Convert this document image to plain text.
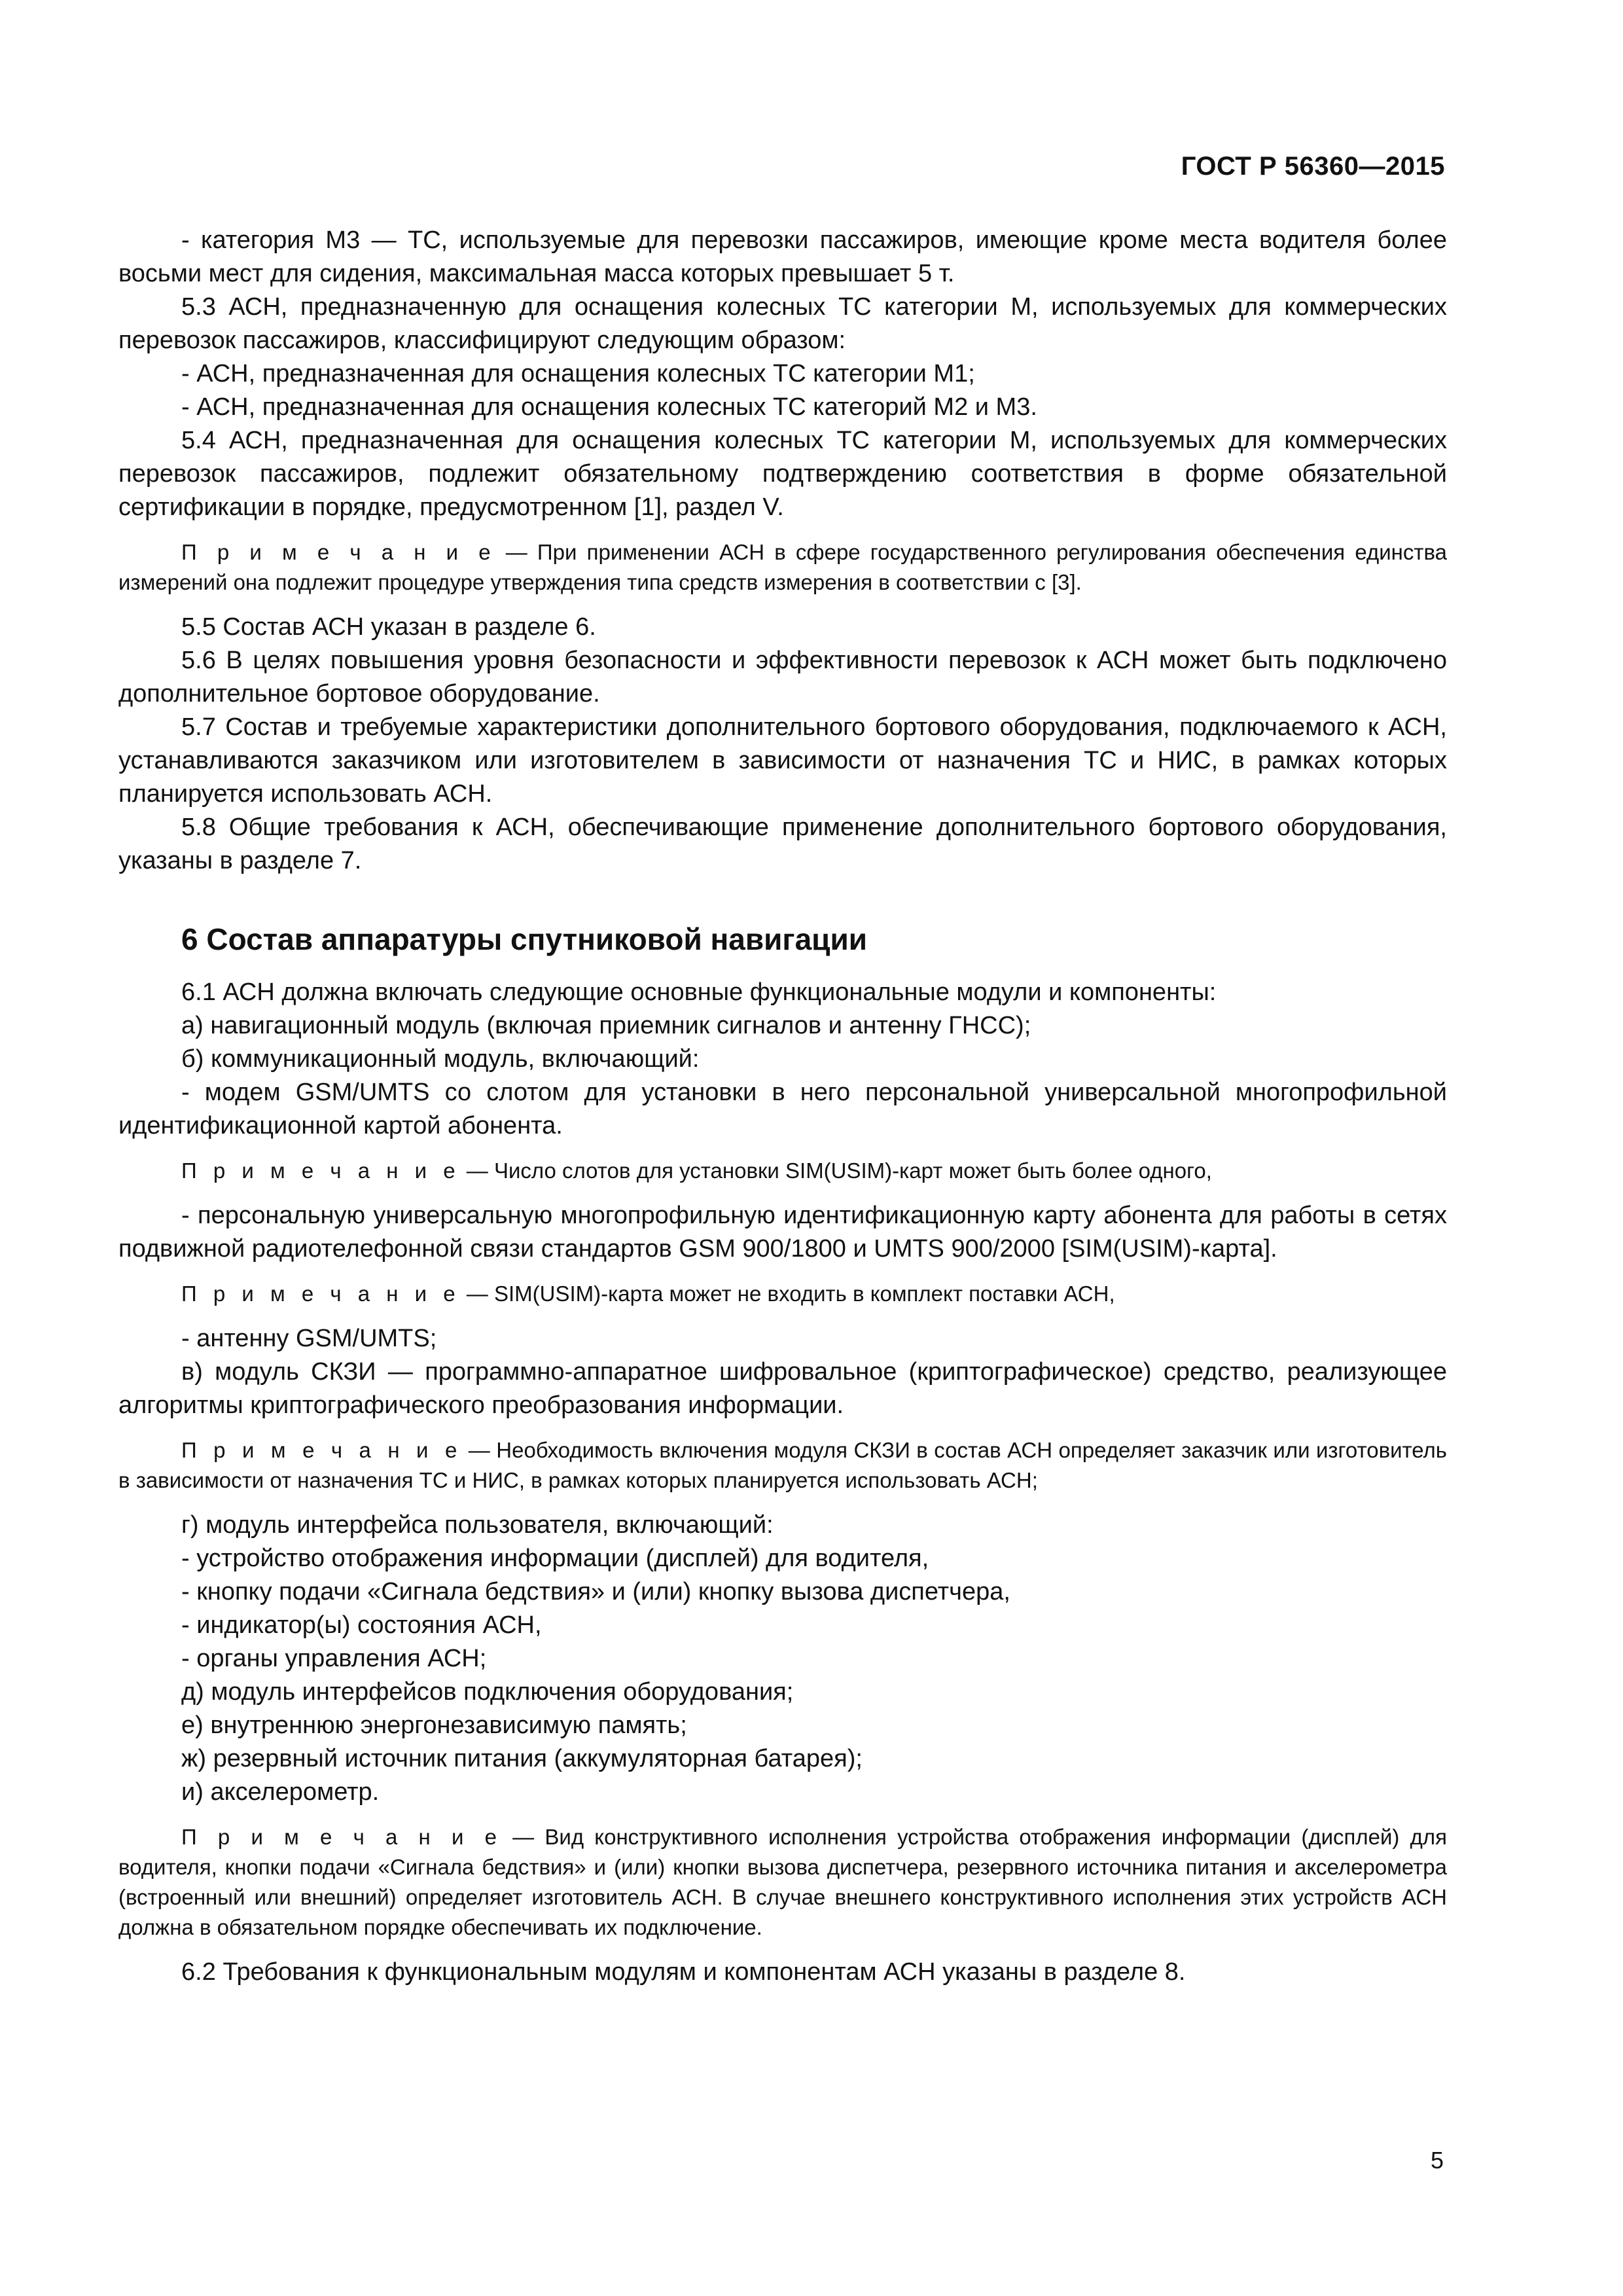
ГОСТ Р 56360—2015

- категория М3 — ТС, используемые для перевозки пассажиров, имеющие кроме места водителя более восьми мест для сидения, максимальная масса которых превышает 5 т.

5.3 АСН, предназначенную для оснащения колесных ТС категории М, используемых для коммерческих перевозок пассажиров, классифицируют следующим образом:

- АСН, предназначенная для оснащения колесных ТС категории М1;

- АСН, предназначенная для оснащения колесных ТС категорий М2 и М3.

5.4 АСН, предназначенная для оснащения колесных ТС категории М, используемых для коммерческих перевозок пассажиров, подлежит обязательному подтверждению соответствия в форме обязательной сертификации в порядке, предусмотренном [1], раздел V.

П р и м е ч а н и е — При применении АСН в сфере государственного регулирования обеспечения единства измерений она подлежит процедуре утверждения типа средств измерения в соответствии с [3].

5.5 Состав АСН указан в разделе 6.

5.6 В целях повышения уровня безопасности и эффективности перевозок к АСН может быть подключено дополнительное бортовое оборудование.

5.7 Состав и требуемые характеристики дополнительного бортового оборудования, подключаемого к АСН, устанавливаются заказчиком или изготовителем в зависимости от назначения ТС и НИС, в рамках которых планируется использовать АСН.

5.8 Общие требования к АСН, обеспечивающие применение дополнительного бортового оборудования, указаны в разделе 7.

6 Состав аппаратуры спутниковой навигации

6.1 АСН должна включать следующие основные функциональные модули и компоненты:

а) навигационный модуль (включая приемник сигналов и антенну ГНСС);

б) коммуникационный модуль, включающий:

- модем GSM/UMTS со слотом для установки в него персональной универсальной многопрофильной идентификационной картой абонента.

П р и м е ч а н и е — Число слотов для установки SIM(USIM)-карт может быть более одного,

- персональную универсальную многопрофильную идентификационную карту абонента для работы в сетях подвижной радиотелефонной связи стандартов GSM 900/1800 и UMTS 900/2000 [SIM(USIM)-карта].

П р и м е ч а н и е — SIM(USIM)-карта может не входить в комплект поставки АСН,

- антенну GSM/UMTS;

в) модуль СКЗИ — программно-аппаратное шифровальное (криптографическое) средство, реализующее алгоритмы криптографического преобразования информации.

П р и м е ч а н и е — Необходимость включения модуля СКЗИ в состав АСН определяет заказчик или изготовитель в зависимости от назначения ТС и НИС, в рамках которых планируется использовать АСН;

г) модуль интерфейса пользователя, включающий:

- устройство отображения информации (дисплей) для водителя,

- кнопку подачи «Сигнала бедствия» и (или) кнопку вызова диспетчера,

- индикатор(ы) состояния АСН,

- органы управления АСН;

д) модуль интерфейсов подключения оборудования;

е) внутреннюю энергонезависимую память;

ж) резервный источник питания (аккумуляторная батарея);

и) акселерометр.

П р и м е ч а н и е — Вид конструктивного исполнения устройства отображения информации (дисплей) для водителя, кнопки подачи «Сигнала бедствия» и (или) кнопки вызова диспетчера, резервного источника питания и акселерометра (встроенный или внешний) определяет изготовитель АСН. В случае внешнего конструктивного исполнения этих устройств АСН должна в обязательном порядке обеспечивать их подключение.

6.2 Требования к функциональным модулям и компонентам АСН указаны в разделе 8.

5
